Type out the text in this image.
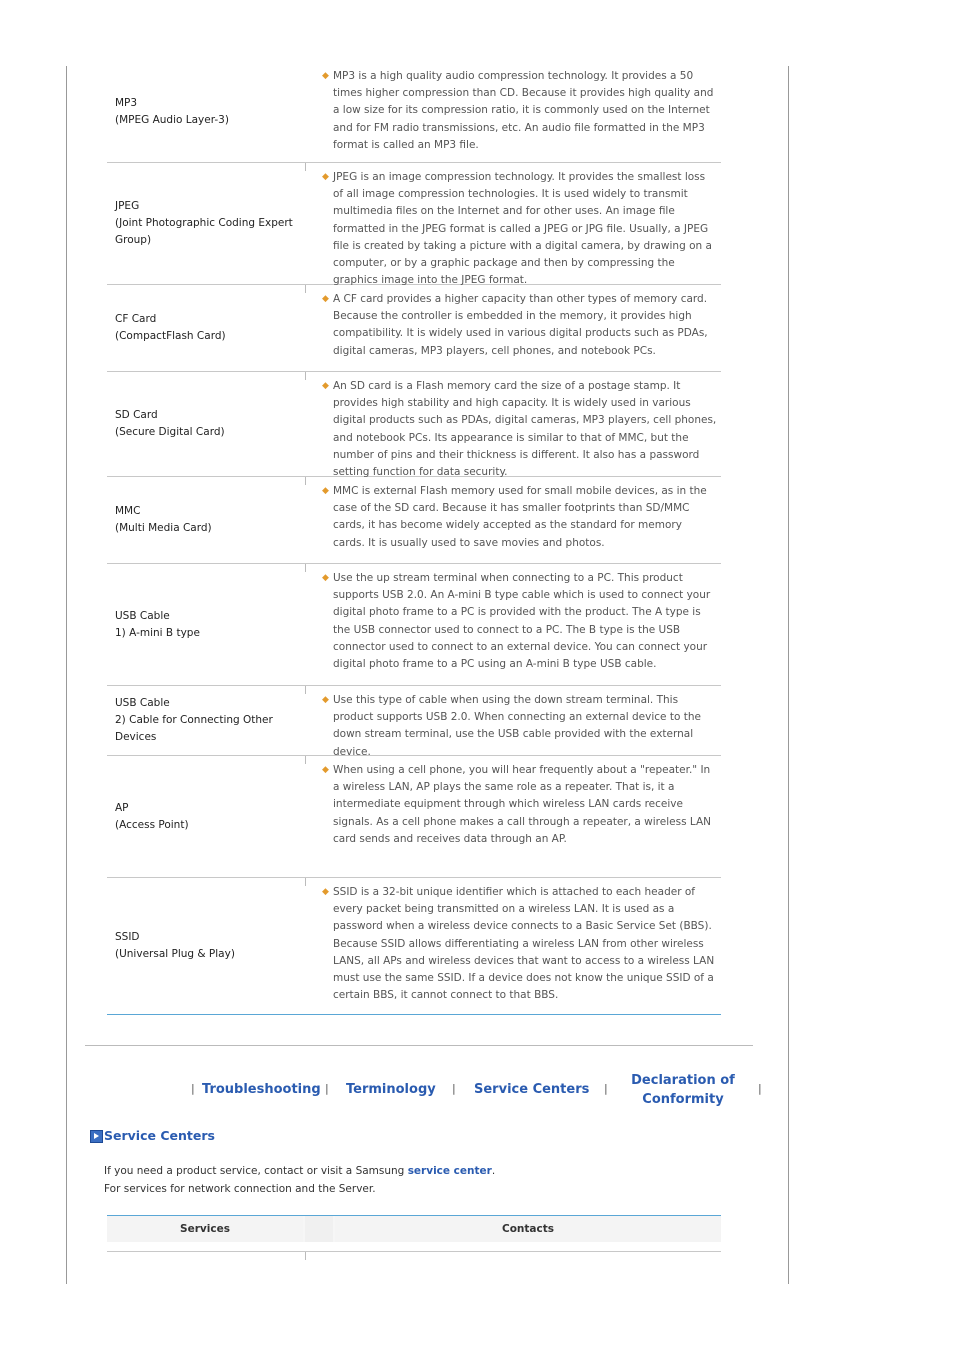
MP3
(MPEG Audio Layer-3)
◆ MP3 is a high quality audio compression technology. It provides a 50 times higher compression than CD. Because it provides high quality and a low size for its compression ratio, it is commonly used on the Internet and for FM radio transmissions, etc. An audio file formatted in the MP3 format is called an MP3 file.
JPEG
(Joint Photographic Coding Expert Group)
◆ JPEG is an image compression technology. It provides the smallest loss of all image compression technologies. It is used widely to transmit multimedia files on the Internet and for other uses. An image file formatted in the JPEG format is called a JPEG or JPG file. Usually, a JPEG file is created by taking a picture with a digital camera, by drawing on a computer, or by a graphic package and then by compressing the graphics image into the JPEG format.
CF Card
(CompactFlash Card)
◆ A CF card provides a higher capacity than other types of memory card. Because the controller is embedded in the memory, it provides high compatibility. It is widely used in various digital products such as PDAs, digital cameras, MP3 players, cell phones, and notebook PCs.
SD Card
(Secure Digital Card)
◆ An SD card is a Flash memory card the size of a postage stamp. It provides high stability and high capacity. It is widely used in various digital products such as PDAs, digital cameras, MP3 players, cell phones, and notebook PCs. Its appearance is similar to that of MMC, but the number of pins and their thickness is different. It also has a password setting function for data security.
MMC
(Multi Media Card)
◆ MMC is external Flash memory used for small mobile devices, as in the case of the SD card. Because it has smaller footprints than SD/MMC cards, it has become widely accepted as the standard for memory cards. It is usually used to save movies and photos.
USB Cable
1) A-mini B type
◆ Use the up stream terminal when connecting to a PC. This product supports USB 2.0. An A-mini B type cable which is used to connect your digital photo frame to a PC is provided with the product. The A type is the USB connector used to connect to a PC. The B type is the USB connector used to connect to an external device. You can connect your digital photo frame to a PC using an A-mini B type USB cable.
USB Cable
2) Cable for Connecting Other Devices
◆ Use this type of cable when using the down stream terminal. This product supports USB 2.0. When connecting an external device to the down stream terminal, use the USB cable provided with the external device.
AP
(Access Point)
◆ When using a cell phone, you will hear frequently about a "repeater." In a wireless LAN, AP plays the same role as a repeater. That is, it a intermediate equipment through which wireless LAN cards receive signals. As a cell phone makes a call through a repeater, a wireless LAN card sends and receives data through an AP.
SSID
(Universal Plug & Play)
◆ SSID is a 32-bit unique identifier which is attached to each header of every packet being transmitted on a wireless LAN. It is used as a password when a wireless device connects to a Basic Service Set (BBS). Because SSID allows differentiating a wireless LAN from other wireless LANS, all APs and wireless devices that want to access to a wireless LAN must use the same SSID. If a device does not know the unique SSID of a certain BBS, it cannot connect to that BBS.
| Troubleshooting | Terminology | Service Centers |
Declaration of
Conformity
|
Service Centers
If you need a product service, contact or visit a Samsung service center.
For services for network connection and the Server.
Services	Contacts
